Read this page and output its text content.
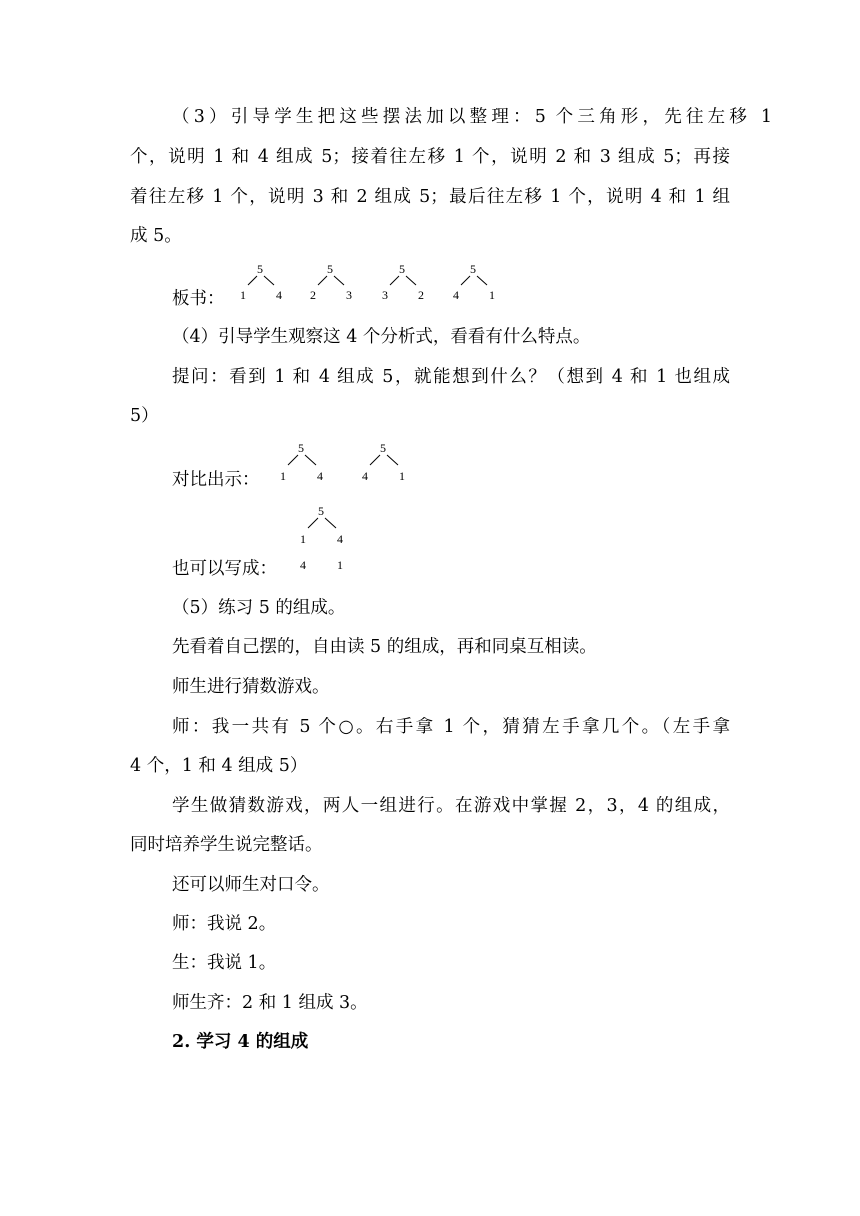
（3）引导学生把这些摆法加以整理：5 个三角形，先往左移 1
个，说明 1 和 4 组成 5；接着往左移 1 个，说明 2 和 3 组成 5；再接
着往左移 1 个，说明 3 和 2 组成 5；最后往左移 1 个，说明 4 和 1 组
成 5。
板书：
5
1	4
5
2	3
5
3	2
5
4	1
（4）引导学生观察这 4 个分析式，看看有什么特点。
提问：看到 1 和 4 组成 5，就能想到什么？（想到 4 和 1 也组成
5）
对比出示：
5
1	4
5
4	1
5
1	4
4	1
也可以写成：
（5）练习 5 的组成。
先看着自己摆的，自由读 5 的组成，再和同桌互相读。
师生进行猜数游戏。
师：我一共有 5 个○。右手拿 1 个，猜猜左手拿几个。（左手拿
4 个，1 和 4 组成 5）
学生做猜数游戏，两人一组进行。在游戏中掌握 2，3，4 的组成，
同时培养学生说完整话。
还可以师生对口令。
师：我说 2。
生：我说 1。
师生齐：2 和 1 组成 3。
2. 学习 4 的组成
